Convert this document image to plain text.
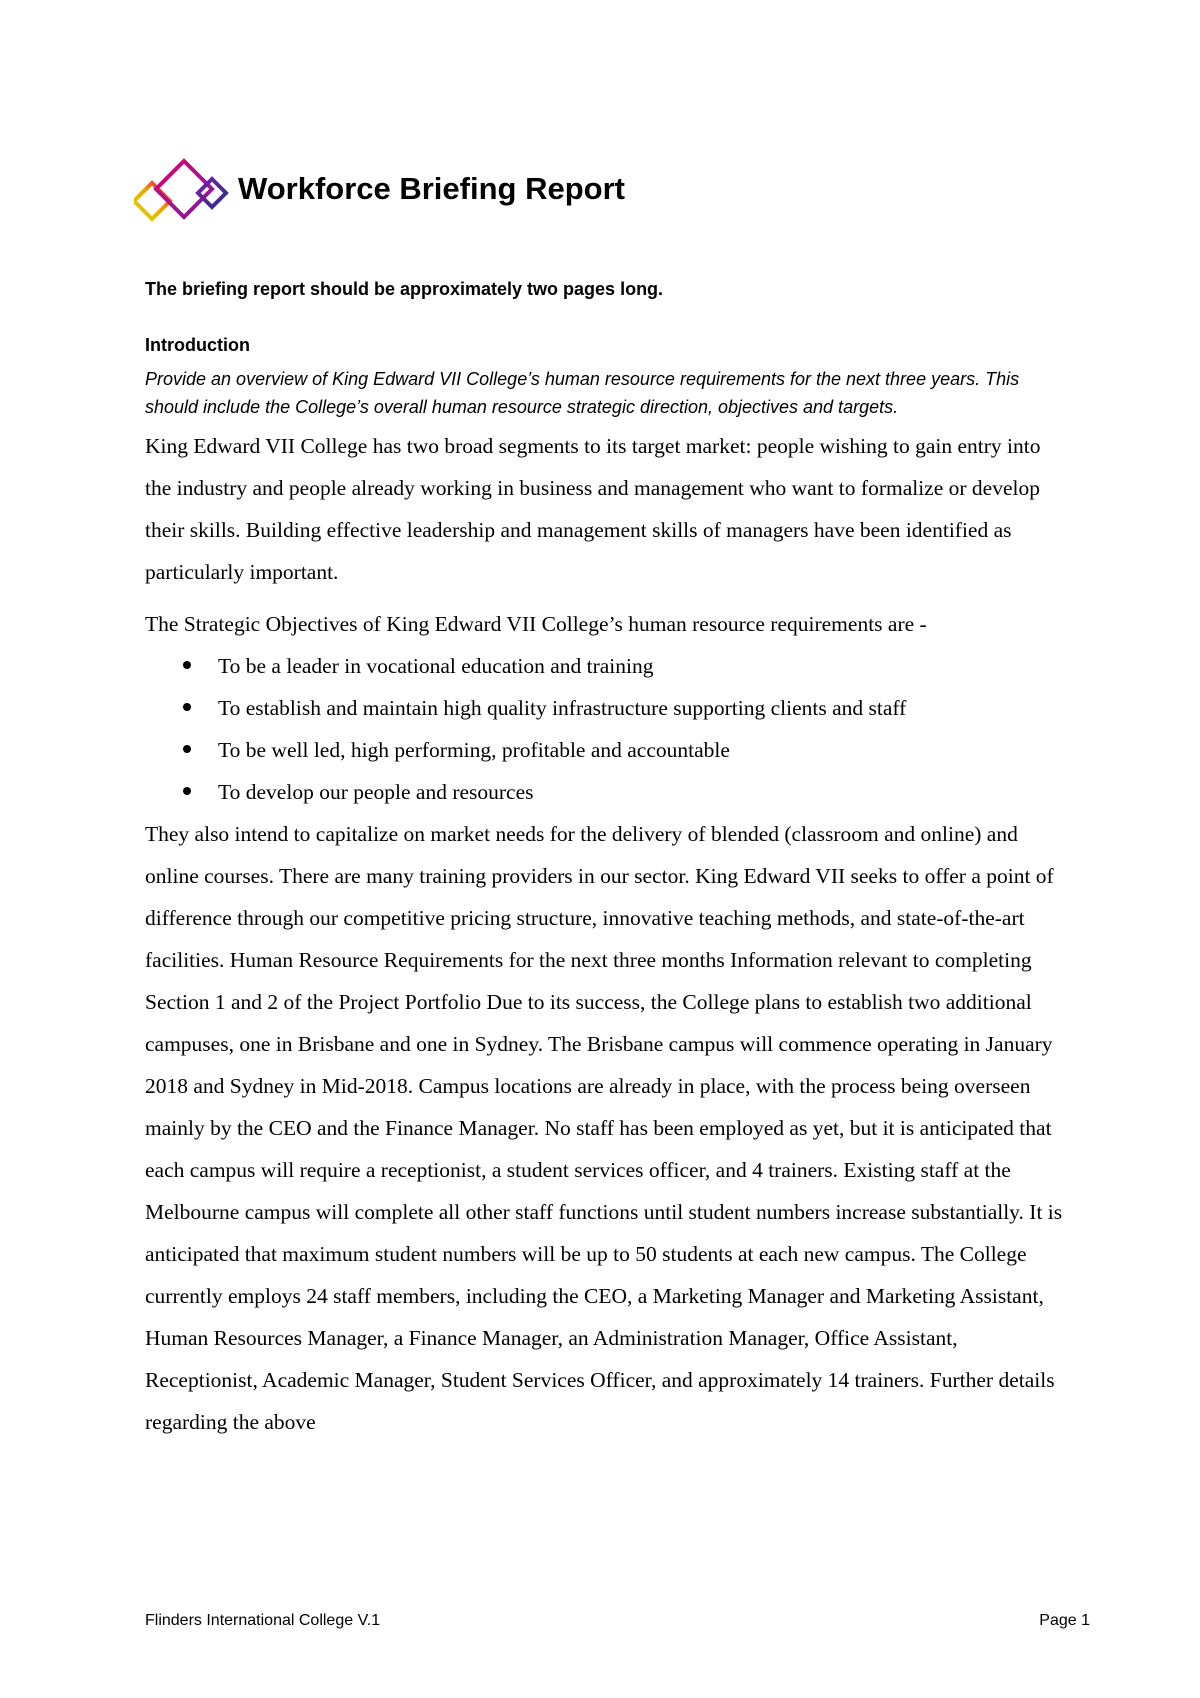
Workforce Briefing Report

The briefing report should be approximately two pages long.

Introduction

Provide an overview of King Edward VII College’s human resource requirements for the next three years. This should include the College’s overall human resource strategic direction, objectives and targets.

King Edward VII College has two broad segments to its target market: people wishing to gain entry into the industry and people already working in business and management who want to formalize or develop their skills. Building effective leadership and management skills of managers have been identified as particularly important.

The Strategic Objectives of King Edward VII College’s human resource requirements are -

To be a leader in vocational education and training
To establish and maintain high quality infrastructure supporting clients and staff
To be well led, high performing, profitable and accountable
To develop our people and resources

They also intend to capitalize on market needs for the delivery of blended (classroom and online) and online courses. There are many training providers in our sector. King Edward VII seeks to offer a point of difference through our competitive pricing structure, innovative teaching methods, and state-of-the-art facilities. Human Resource Requirements for the next three months Information relevant to completing Section 1 and 2 of the Project Portfolio Due to its success, the College plans to establish two additional campuses, one in Brisbane and one in Sydney. The Brisbane campus will commence operating in January 2018 and Sydney in Mid-2018. Campus locations are already in place, with the process being overseen mainly by the CEO and the Finance Manager. No staff has been employed as yet, but it is anticipated that each campus will require a receptionist, a student services officer, and 4 trainers. Existing staff at the Melbourne campus will complete all other staff functions until student numbers increase substantially. It is anticipated that maximum student numbers will be up to 50 students at each new campus. The College currently employs 24 staff members, including the CEO, a Marketing Manager and Marketing Assistant, Human Resources Manager, a Finance Manager, an Administration Manager, Office Assistant, Receptionist, Academic Manager, Student Services Officer, and approximately 14 trainers. Further details regarding the above

Flinders International College V.1	Page 1
